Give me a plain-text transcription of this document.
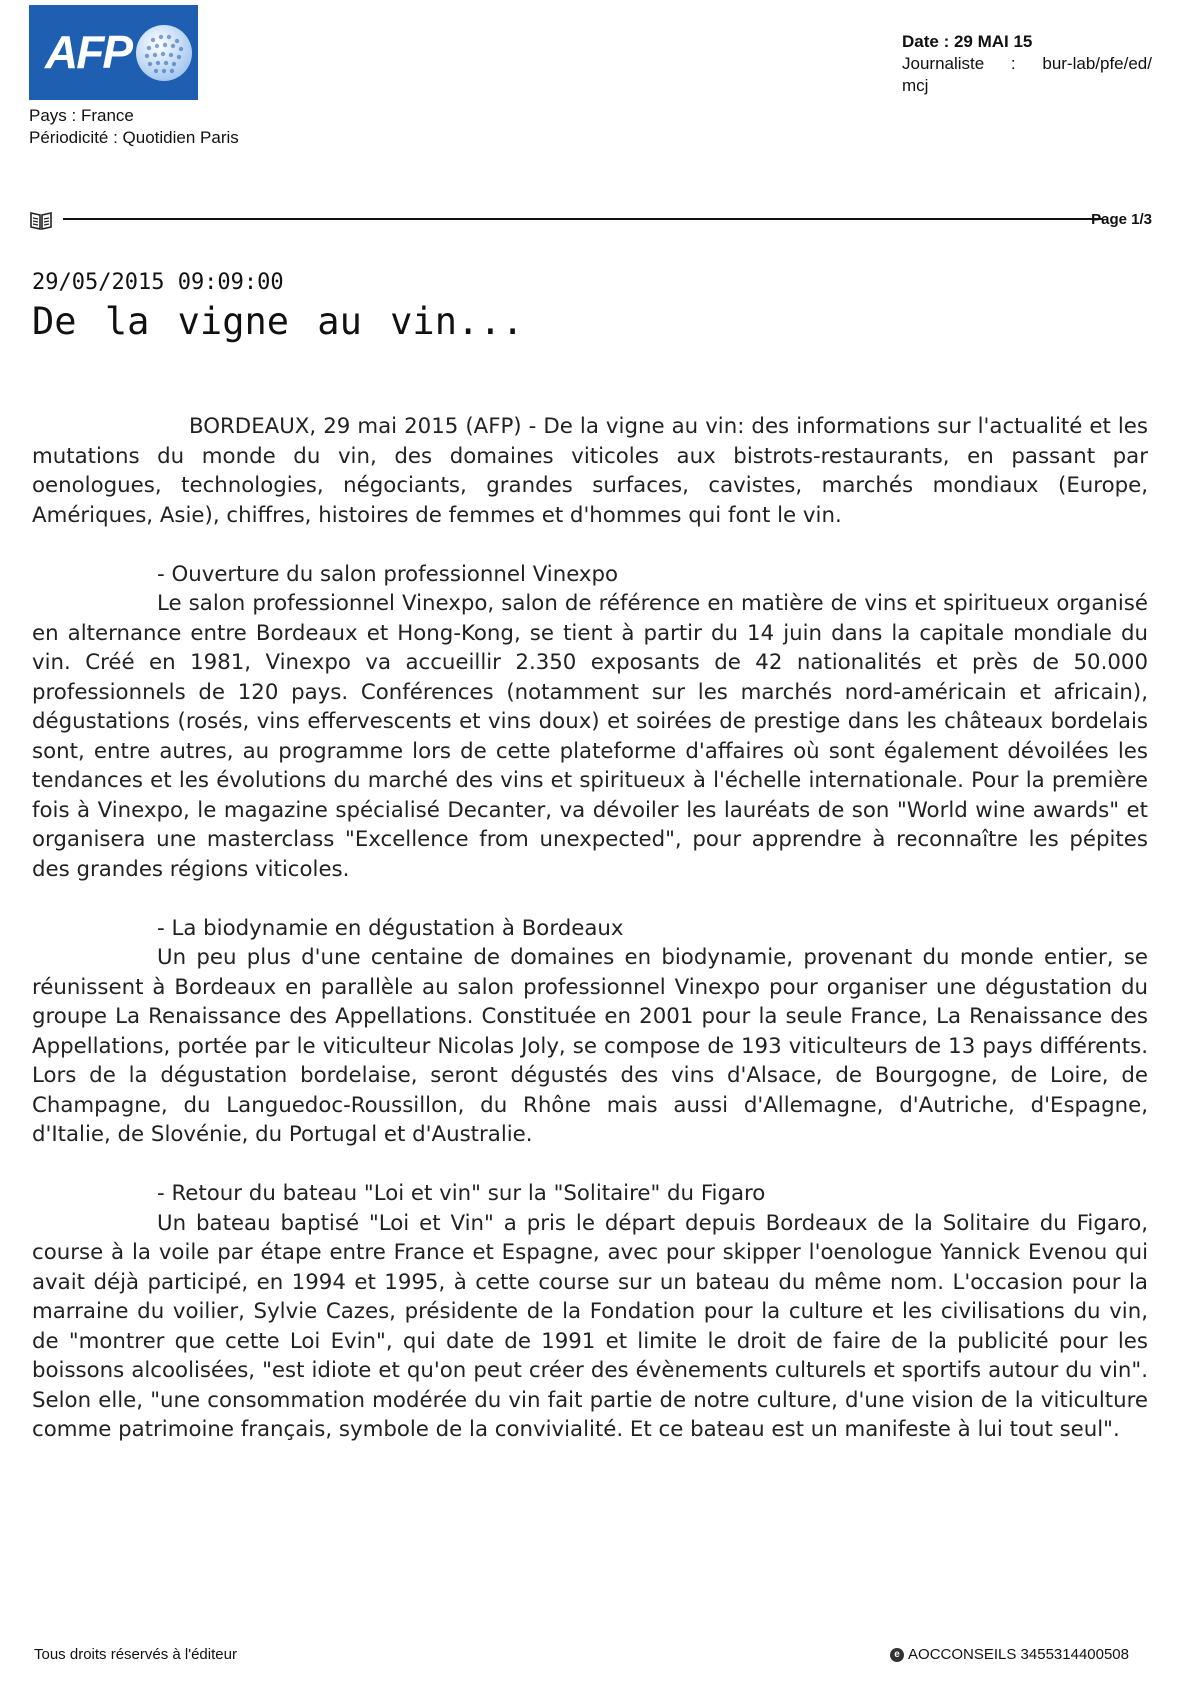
AFP
Pays : France
Périodicité : Quotidien Paris
Date : 29 MAI 15
Journaliste : bur-lab/pfe/ed/
mcj
Page 1/3
29/05/2015 09:09:00
De la vigne au vin...

BORDEAUX, 29 mai 2015 (AFP) - De la vigne au vin: des informations sur l'actualité et les mutations du monde du vin, des domaines viticoles aux bistrots-restaurants, en passant par oenologues, technologies, négociants, grandes surfaces, cavistes, marchés mondiaux (Europe, Amériques, Asie), chiffres, histoires de femmes et d'hommes qui font le vin.

- Ouverture du salon professionnel Vinexpo

Le salon professionnel Vinexpo, salon de référence en matière de vins et spiritueux organisé en alternance entre Bordeaux et Hong-Kong, se tient à partir du 14 juin dans la capitale mondiale du vin. Créé en 1981, Vinexpo va accueillir 2.350 exposants de 42 nationalités et près de 50.000 professionnels de 120 pays. Conférences (notamment sur les marchés nord-américain et africain), dégustations (rosés, vins effervescents et vins doux) et soirées de prestige dans les châteaux bordelais sont, entre autres, au programme lors de cette plateforme d'affaires où sont également dévoilées les tendances et les évolutions du marché des vins et spiritueux à l'échelle internationale. Pour la première fois à Vinexpo, le magazine spécialisé Decanter, va dévoiler les lauréats de son "World wine awards" et organisera une masterclass "Excellence from unexpected", pour apprendre à reconnaître les pépites des grandes régions viticoles.

- La biodynamie en dégustation à Bordeaux

Un peu plus d'une centaine de domaines en biodynamie, provenant du monde entier, se réunissent à Bordeaux en parallèle au salon professionnel Vinexpo pour organiser une dégustation du groupe La Renaissance des Appellations. Constituée en 2001 pour la seule France, La Renaissance des Appellations, portée par le viticulteur Nicolas Joly, se compose de 193 viticulteurs de 13 pays différents. Lors de la dégustation bordelaise, seront dégustés des vins d'Alsace, de Bourgogne, de Loire, de Champagne, du Languedoc-Roussillon, du Rhône mais aussi d'Allemagne, d'Autriche, d'Espagne, d'Italie, de Slovénie, du Portugal et d'Australie.

- Retour du bateau "Loi et vin" sur la "Solitaire" du Figaro

Un bateau baptisé "Loi et Vin" a pris le départ depuis Bordeaux de la Solitaire du Figaro, course à la voile par étape entre France et Espagne, avec pour skipper l'oenologue Yannick Evenou qui avait déjà participé, en 1994 et 1995, à cette course sur un bateau du même nom. L'occasion pour la marraine du voilier, Sylvie Cazes, présidente de la Fondation pour la culture et les civilisations du vin, de "montrer que cette Loi Evin", qui date de 1991 et limite le droit de faire de la publicité pour les boissons alcoolisées, "est idiote et qu'on peut créer des évènements culturels et sportifs autour du vin". Selon elle, "une consommation modérée du vin fait partie de notre culture, d'une vision de la viticulture comme patrimoine français, symbole de la convivialité. Et ce bateau est un manifeste à lui tout seul".

Tous droits réservés à l'éditeur	e AOCCONSEILS 3455314400508
